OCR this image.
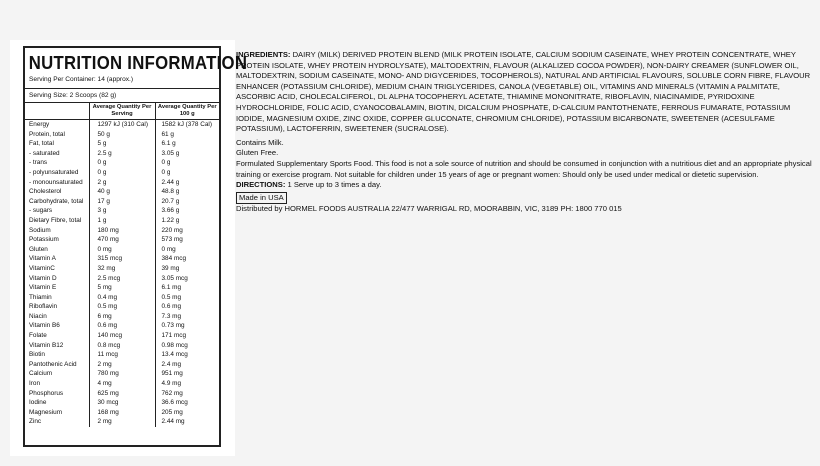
NUTRITION INFORMATION
Serving Per Container: 14 (approx.)
Serving Size: 2 Scoops (82 g)
	Average Quantity Per Serving	Average Quantity Per 100 g
Energy	1297 kJ (310 Cal)	1582 kJ (378 Cal)
Protein, total	50 g	61 g
Fat, total	5 g	6.1 g
- saturated	2.5 g	3.05 g
- trans	0 g	0 g
- polyunsaturated	0 g	0 g
- monounsaturated	2 g	2.44 g
Cholesterol	40 g	48.8 g
Carbohydrate, total	17 g	20.7 g
- sugars	3 g	3.66 g
Dietary Fibre, total	1 g	1.22 g
Sodium	180 mg	220 mg
Potassium	470 mg	573 mg
Gluten	0 mg	0 mg
Vitamin A	315 mcg	384 mcg
VitaminC	32 mg	39 mg
Vitamin D	2.5 mcg	3.05 mcg
Vitamin E	5 mg	6.1 mg
Thiamin	0.4 mg	0.5 mg
Riboflavin	0.5 mg	0.6 mg
Niacin	6 mg	7.3 mg
Vitamin B6	0.6 mg	0.73 mg
Folate	140 mcg	171 mcg
Vitamin B12	0.8 mcg	0.98 mcg
Biotin	11 mcg	13.4 mcg
Pantothenic Acid	2 mg	2.4 mg
Calcium	780 mg	951 mg
Iron	4 mg	4.9 mg
Phosphorus	625 mg	762 mg
Iodine	30 mcg	36.6 mcg
Magnesium	168 mg	205 mg
Zinc	2 mg	2.44 mg

INGREDIENTS: DAIRY (MILK) DERIVED PROTEIN BLEND (MILK PROTEIN ISOLATE, CALCIUM SODIUM CASEINATE, WHEY PROTEIN CONCENTRATE, WHEY PROTEIN ISOLATE, WHEY PROTEIN HYDROLYSATE), MALTODEXTRIN, FLAVOUR (ALKALIZED COCOA POWDER), NON-DAIRY CREAMER (SUNFLOWER OIL, MALTODEXTRIN, SODIUM CASEINATE, MONO- AND DIGYCERIDES, TOCOPHEROLS), NATURAL AND ARTIFICIAL FLAVOURS, SOLUBLE CORN FIBRE, FLAVOUR ENHANCER (POTASSIUM CHLORIDE), MEDIUM CHAIN TRIGLYCERIDES, CANOLA (VEGETABLE) OIL, VITAMINS AND MINERALS (VITAMIN A PALMITATE, ASCORBIC ACID, CHOLECALCIFEROL, DL ALPHA TOCOPHERYL ACETATE, THIAMINE MONONITRATE, RIBOFLAVIN, NIACINAMIDE, PYRIDOXINE HYDROCHLORIDE, FOLIC ACID, CYANOCOBALAMIN, BIOTIN, DICALCIUM PHOSPHATE, D-CALCIUM PANTOTHENATE, FERROUS FUMARATE, POTASSIUM IODIDE, MAGNESIUM OXIDE, ZINC OXIDE, COPPER GLUCONATE, CHROMIUM CHLORIDE), POTASSIUM BICARBONATE, SWEETENER (ACESULFAME POTASSIUM), LACTOFERRIN, SWEETENER (SUCRALOSE).

Contains Milk.

Gluten Free.

Formulated Supplementary Sports Food. This food is not a sole source of nutrition and should be consumed in conjunction with a nutritious diet and an appropriate physical training or exercise program. Not suitable for children under 15 years of age or pregnant women: Should only be used under medical or dietetic supervision.

DIRECTIONS: 1 Serve up to 3 times a day.

Made in USA

Distributed by HORMEL FOODS AUSTRALIA 22/477 WARRIGAL RD, MOORABBIN, VIC, 3189 PH: 1800 770 015
